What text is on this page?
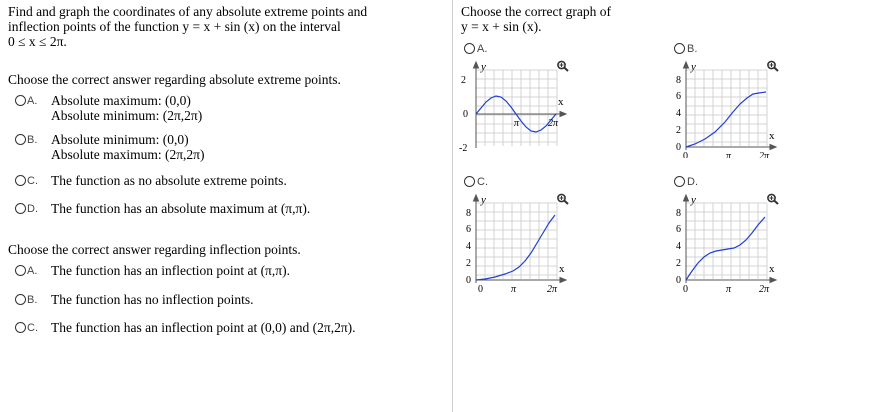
Find and graph the coordinates of any absolute extreme points and
inflection points of the function y = x + sin (x) on the interval
0 ≤ x ≤ 2π.
Choose the correct answer regarding absolute extreme points.
A. Absolute maximum: (0,0)
Absolute minimum: (2π,2π)
B. Absolute minimum: (0,0)
Absolute maximum: (2π,2π)
C. The function as no absolute extreme points.
D. The function has an absolute maximum at (π,π).
Choose the correct answer regarding inflection points.
A. The function has an inflection point at (π,π).
B. The function has no inflection points.
C. The function has an inflection point at (0,0) and (2π,2π).
Choose the correct graph of
y = x + sin (x).
A.	B.
C.	D.
y
x
2
0
-2
π	2π
y
x
8
6
4
2
0
0	π	2π
y
x
8
6
4
2
0
0	π	2π
y
x
8
6
4
2
0
0	π	2π
